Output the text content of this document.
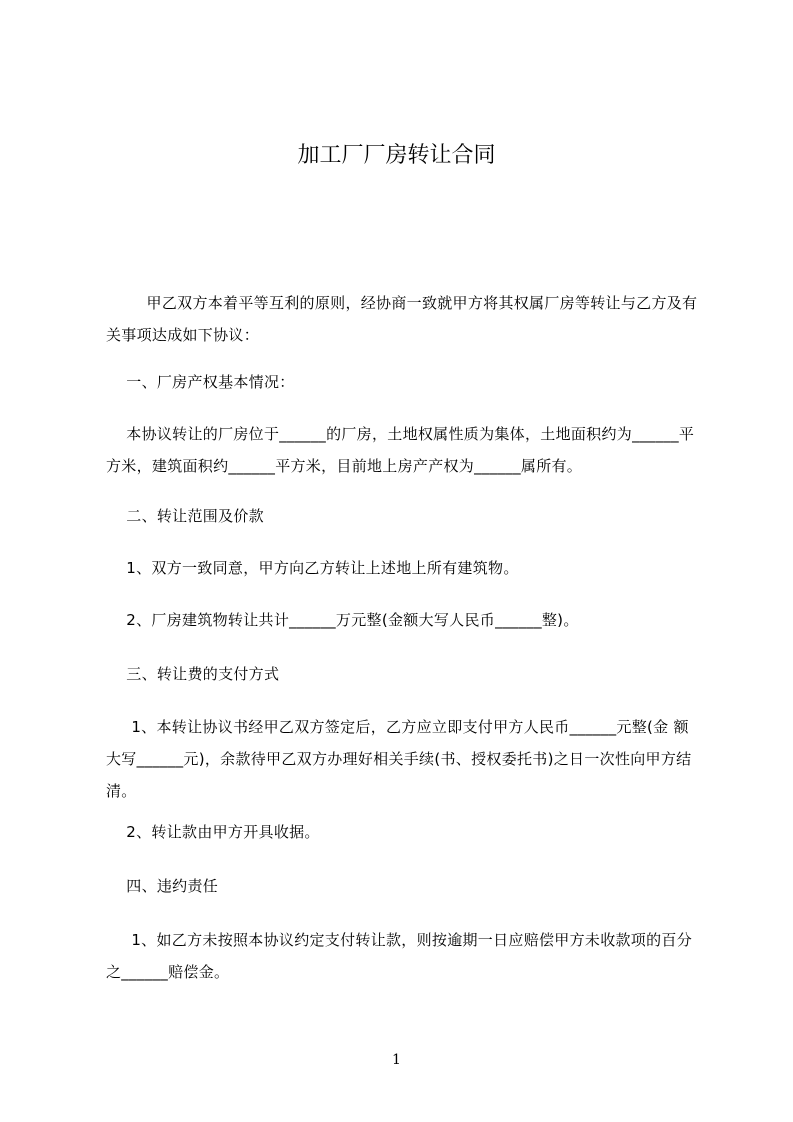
加工厂厂房转让合同
甲乙双方本着平等互利的原则，经协商一致就甲方将其权属厂房等转让与乙方及有关事项达成如下协议：
一、厂房产权基本情况：
本协议转让的厂房位于______的厂房，土地权属性质为集体，土地面积约为______平方米，建筑面积约______平方米，目前地上房产产权为______属所有。
二、转让范围及价款
1、双方一致同意，甲方向乙方转让上述地上所有建筑物。
2、厂房建筑物转让共计______万元整(金额大写人民币______整)。
三、转让费的支付方式
1、本转让协议书经甲乙双方签定后，乙方应立即支付甲方人民币______元整(金 额大写______元)，余款待甲乙双方办理好相关手续(书、授权委托书)之日一次性向甲方结清。
2、转让款由甲方开具收据。
四、违约责任
1、如乙方未按照本协议约定支付转让款，则按逾期一日应赔偿甲方未收款项的百分之______赔偿金。
1
